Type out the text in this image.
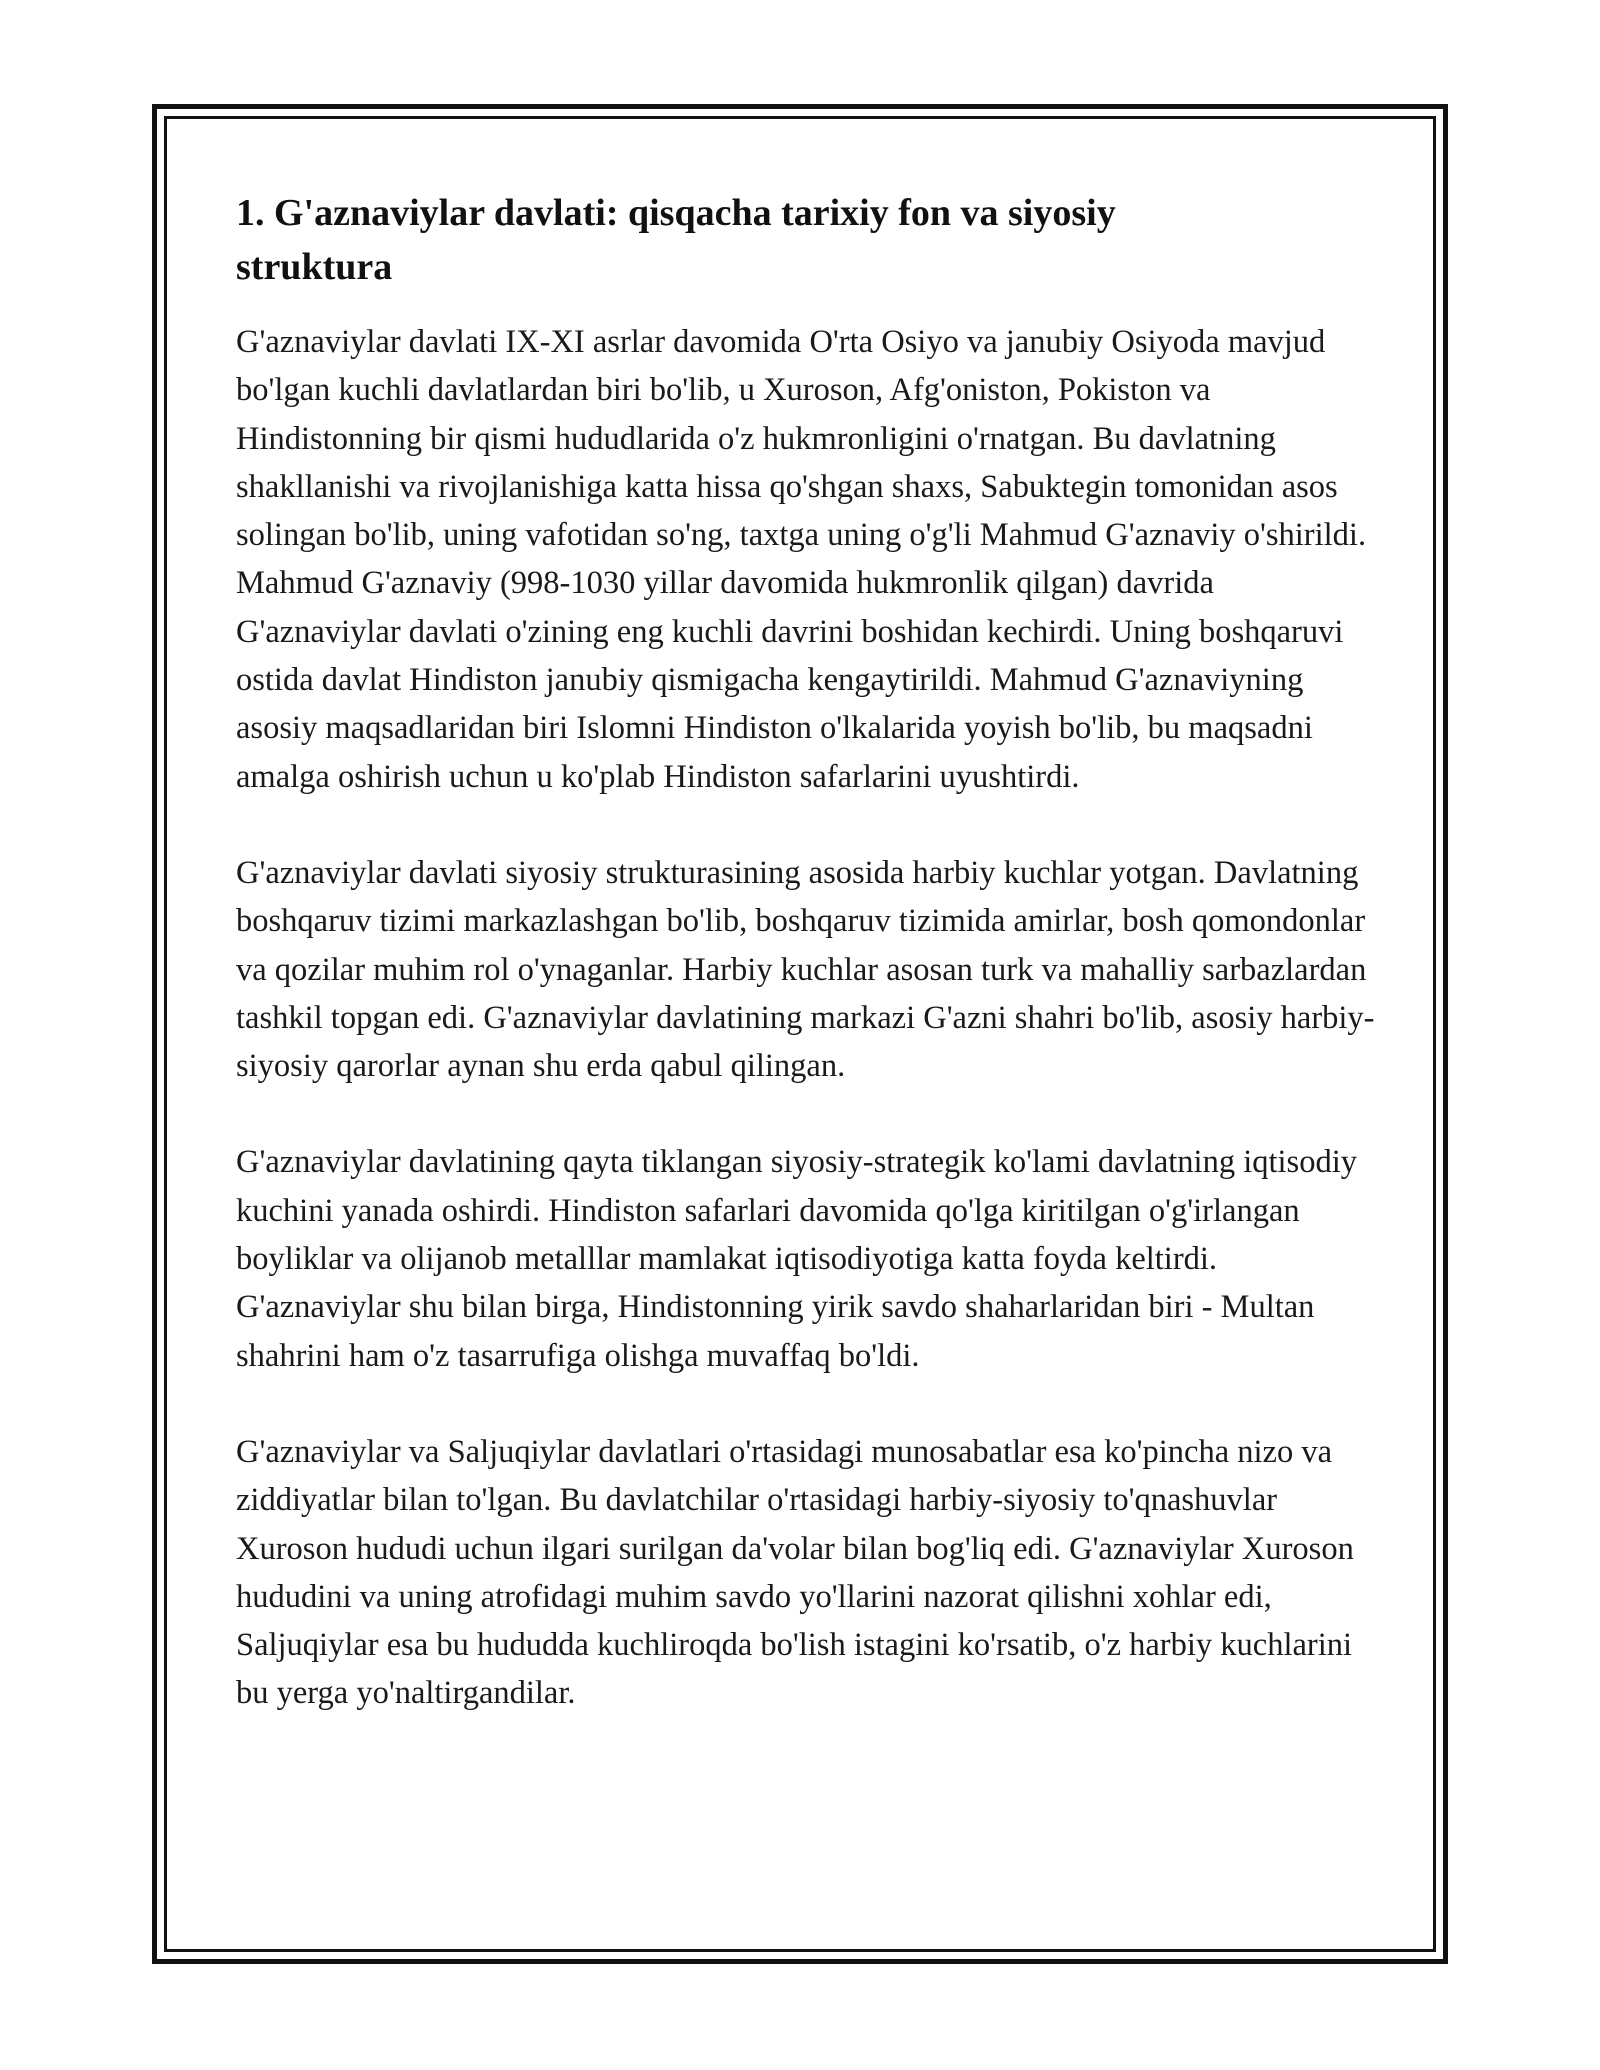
1. G'aznaviylar davlati: qisqacha tarixiy fon va siyosiy struktura

G'aznaviylar davlati IX-XI asrlar davomida O'rta Osiyo va janubiy Osiyoda mavjud bo'lgan kuchli davlatlardan biri bo'lib, u Xuroson, Afg'oniston, Pokiston va Hindistonning bir qismi hududlarida o'z hukmronligini o'rnatgan. Bu davlatning shakllanishi va rivojlanishiga katta hissa qo'shgan shaxs, Sabuktegin tomonidan asos solingan bo'lib, uning vafotidan so'ng, taxtga uning o'g'li Mahmud G'aznaviy o'shirildi. Mahmud G'aznaviy (998-1030 yillar davomida hukmronlik qilgan) davrida G'aznaviylar davlati o'zining eng kuchli davrini boshidan kechirdi. Uning boshqaruvi ostida davlat Hindiston janubiy qismigacha kengaytirildi. Mahmud G'aznaviyning asosiy maqsadlaridan biri Islomni Hindiston o'lkalarida yoyish bo'lib, bu maqsadni amalga oshirish uchun u ko'plab Hindiston safarlarini uyushtirdi.

G'aznaviylar davlati siyosiy strukturasining asosida harbiy kuchlar yotgan. Davlatning boshqaruv tizimi markazlashgan bo'lib, boshqaruv tizimida amirlar, bosh qomondonlar va qozilar muhim rol o'ynaganlar. Harbiy kuchlar asosan turk va mahalliy sarbazlardan tashkil topgan edi. G'aznaviylar davlatining markazi G'azni shahri bo'lib, asosiy harbiy-siyosiy qarorlar aynan shu erda qabul qilingan.

G'aznaviylar davlatining qayta tiklangan siyosiy-strategik ko'lami davlatning iqtisodiy kuchini yanada oshirdi. Hindiston safarlari davomida qo'lga kiritilgan o'g'irlangan boyliklar va olijanob metalllar mamlakat iqtisodiyotiga katta foyda keltirdi. G'aznaviylar shu bilan birga, Hindistonning yirik savdo shaharlaridan biri - Multan shahrini ham o'z tasarrufiga olishga muvaffaq bo'ldi.

G'aznaviylar va Saljuqiylar davlatlari o'rtasidagi munosabatlar esa ko'pincha nizo va ziddiyatlar bilan to'lgan. Bu davlatchilar o'rtasidagi harbiy-siyosiy to'qnashuvlar Xuroson hududi uchun ilgari surilgan da'volar bilan bog'liq edi. G'aznaviylar Xuroson hududini va uning atrofidagi muhim savdo yo'llarini nazorat qilishni xohlar edi, Saljuqiylar esa bu hududda kuchliroqda bo'lish istagini ko'rsatib, o'z harbiy kuchlarini bu yerga yo'naltirgandilar.
